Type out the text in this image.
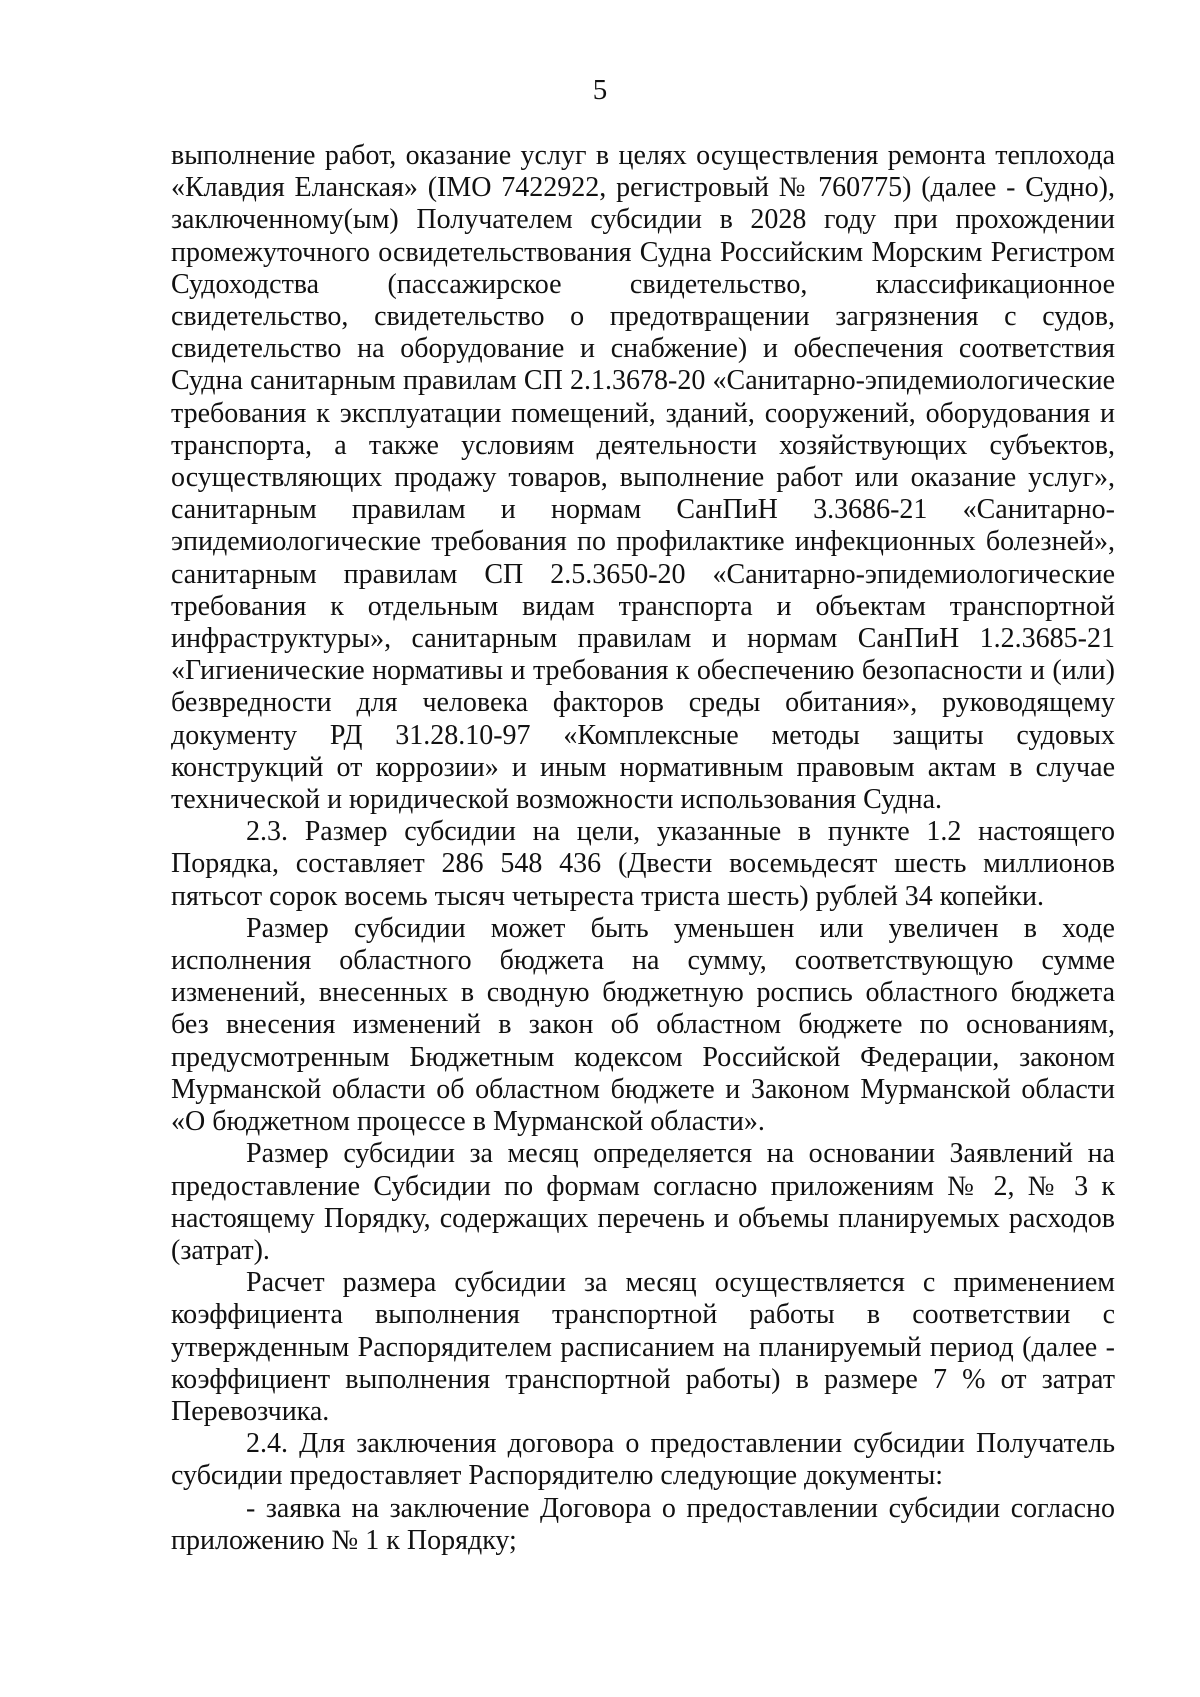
5

выполнение работ, оказание услуг в целях осуществления ремонта теплохода «Клавдия Еланская» (IMO 7422922, регистровый № 760775) (далее - Судно), заключенному(ым) Получателем субсидии в 2028 году при прохождении промежуточного освидетельствования Судна Российским Морским Регистром Судоходства (пассажирское свидетельство, классификационное свидетельство, свидетельство о предотвращении загрязнения с судов, свидетельство на оборудование и снабжение) и обеспечения соответствия Судна санитарным правилам СП 2.1.3678-20 «Санитарно-эпидемиологические требования к эксплуатации помещений, зданий, сооружений, оборудования и транспорта, а также условиям деятельности хозяйствующих субъектов, осуществляющих продажу товаров, выполнение работ или оказание услуг», санитарным правилам и нормам СанПиН 3.3686-21 «Санитарно-эпидемиологические требования по профилактике инфекционных болезней», санитарным правилам СП 2.5.3650-20 «Санитарно-эпидемиологические требования к отдельным видам транспорта и объектам транспортной инфраструктуры», санитарным правилам и нормам СанПиН 1.2.3685-21 «Гигиенические нормативы и требования к обеспечению безопасности и (или) безвредности для человека факторов среды обитания», руководящему документу РД 31.28.10-97 «Комплексные методы защиты судовых конструкций от коррозии» и иным нормативным правовым актам в случае технической и юридической возможности использования Судна.

2.3. Размер субсидии на цели, указанные в пункте 1.2 настоящего Порядка, составляет 286 548 436 (Двести восемьдесят шесть миллионов пятьсот сорок восемь тысяч четыреста триста шесть) рублей 34 копейки.

Размер субсидии может быть уменьшен или увеличен в ходе исполнения областного бюджета на сумму, соответствующую сумме изменений, внесенных в сводную бюджетную роспись областного бюджета без внесения изменений в закон об областном бюджете по основаниям, предусмотренным Бюджетным кодексом Российской Федерации, законом Мурманской области об областном бюджете и Законом Мурманской области «О бюджетном процессе в Мурманской области».

Размер субсидии за месяц определяется на основании Заявлений на предоставление Субсидии по формам согласно приложениям № 2, № 3 к настоящему Порядку, содержащих перечень и объемы планируемых расходов (затрат).

Расчет размера субсидии за месяц осуществляется с применением коэффициента выполнения транспортной работы в соответствии с утвержденным Распорядителем расписанием на планируемый период (далее - коэффициент выполнения транспортной работы) в размере 7 % от затрат Перевозчика.

2.4. Для заключения договора о предоставлении субсидии Получатель субсидии предоставляет Распорядителю следующие документы:

- заявка на заключение Договора о предоставлении субсидии согласно приложению № 1 к Порядку;
